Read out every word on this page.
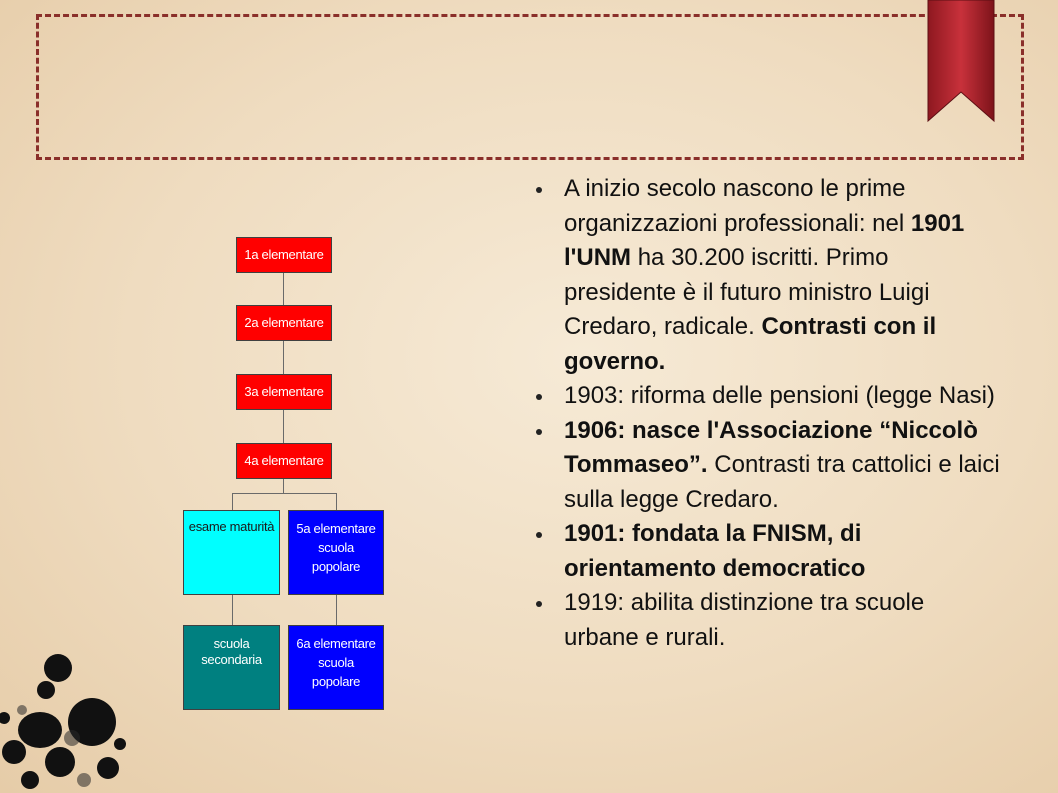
1a elementare
2a elementare
3a elementare
4a elementare
esame maturità	5a elementare
scuola
popolare
scuola secondaria
6a elementare
scuola
popolare
A inizio secolo nascono le prime organizzazioni professionali: nel 1901 l'UNM ha 30.200 iscritti. Primo presidente è il futuro ministro Luigi Credaro, radicale. Contrasti con il governo.
1903: riforma delle pensioni (legge Nasi)
1906: nasce l'Associazione “Niccolò Tommaseo”. Contrasti tra cattolici e laici sulla legge Credaro.
1901: fondata la FNISM, di orientamento democratico
1919: abilita distinzione tra scuole urbane e rurali.
